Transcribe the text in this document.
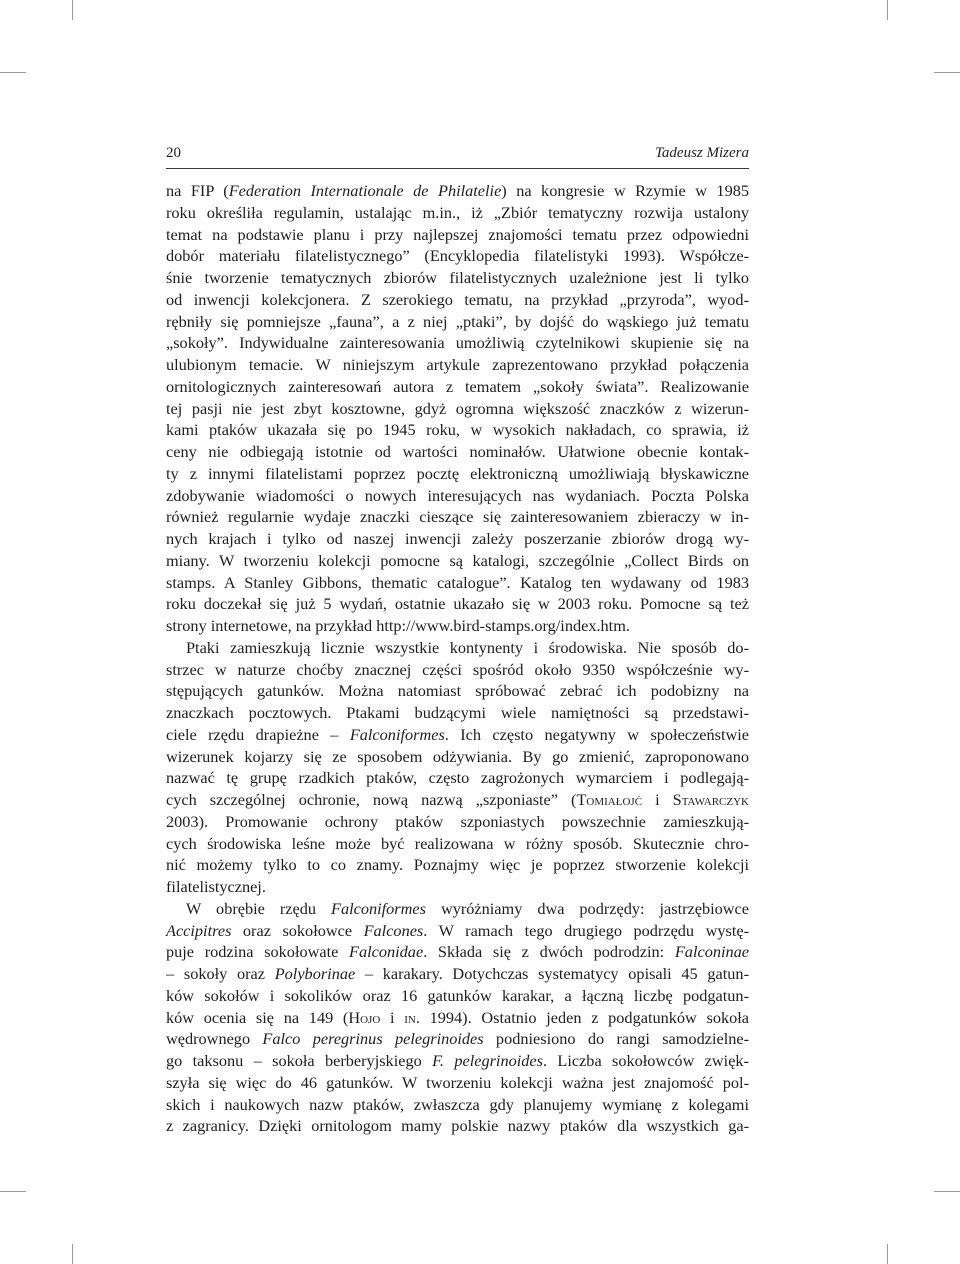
20	Tadeusz Mizera
na FIP (Federation Internationale de Philatelie) na kongresie w Rzymie w 1985
roku określiła regulamin, ustalając m.in., iż „Zbiór tematyczny rozwija ustalony
temat na podstawie planu i przy najlepszej znajomości tematu przez odpowiedni
dobór materiału filatelistycznego” (Encyklopedia filatelistyki 1993). Współcze-
śnie tworzenie tematycznych zbiorów filatelistycznych uzależnione jest li tylko
od inwencji kolekcjonera. Z szerokiego tematu, na przykład „przyroda”, wyod-
rębniły się pomniejsze „fauna”, a z niej „ptaki”, by dojść do wąskiego już tematu
„sokoły”. Indywidualne zainteresowania umożliwią czytelnikowi skupienie się na
ulubionym temacie. W niniejszym artykule zaprezentowano przykład połączenia
ornitologicznych zainteresowań autora z tematem „sokoły świata”. Realizowanie
tej pasji nie jest zbyt kosztowne, gdyż ogromna większość znaczków z wizerun-
kami ptaków ukazała się po 1945 roku, w wysokich nakładach, co sprawia, iż
ceny nie odbiegają istotnie od wartości nominałów. Ułatwione obecnie kontak-
ty z innymi filatelistami poprzez pocztę elektroniczną umożliwiają błyskawiczne
zdobywanie wiadomości o nowych interesujących nas wydaniach. Poczta Polska
również regularnie wydaje znaczki cieszące się zainteresowaniem zbieraczy w in-
nych krajach i tylko od naszej inwencji zależy poszerzanie zbiorów drogą wy-
miany. W tworzeniu kolekcji pomocne są katalogi, szczególnie „Collect Birds on
stamps. A Stanley Gibbons, thematic catalogue”. Katalog ten wydawany od 1983
roku doczekał się już 5 wydań, ostatnie ukazało się w 2003 roku. Pomocne są też
strony internetowe, na przykład http://www.bird-stamps.org/index.htm.
Ptaki zamieszkują licznie wszystkie kontynenty i środowiska. Nie sposób do-
strzec w naturze choćby znacznej części spośród około 9350 współcześnie wy-
stępujących gatunków. Można natomiast spróbować zebrać ich podobizny na
znaczkach pocztowych. Ptakami budzącymi wiele namiętności są przedstawi-
ciele rzędu drapieżne – Falconiformes. Ich często negatywny w społeczeństwie
wizerunek kojarzy się ze sposobem odżywiania. By go zmienić, zaproponowano
nazwać tę grupę rzadkich ptaków, często zagrożonych wymarciem i podlegają-
cych szczególnej ochronie, nową nazwą „szponiaste” (Tomiałojć i Stawarczyk
2003). Promowanie ochrony ptaków szponiastych powszechnie zamieszkują-
cych środowiska leśne może być realizowana w różny sposób. Skutecznie chro-
nić możemy tylko to co znamy. Poznajmy więc je poprzez stworzenie kolekcji
filatelistycznej.
W obrębie rzędu Falconiformes wyróżniamy dwa podrzędy: jastrzębiowce
Accipitres oraz sokołowce Falcones. W ramach tego drugiego podrzędu wystę-
puje rodzina sokołowate Falconidae. Składa się z dwóch podrodzin: Falconinae
– sokoły oraz Polyborinae – karakary. Dotychczas systematycy opisali 45 gatun-
ków sokołów i sokolików oraz 16 gatunków karakar, a łączną liczbę podgatun-
ków ocenia się na 149 (Hojo i in. 1994). Ostatnio jeden z podgatunków sokoła
wędrownego Falco peregrinus pelegrinoides podniesiono do rangi samodzielne-
go taksonu – sokoła berberyjskiego F. pelegrinoides. Liczba sokołowców zwięk-
szyła się więc do 46 gatunków. W tworzeniu kolekcji ważna jest znajomość pol-
skich i naukowych nazw ptaków, zwłaszcza gdy planujemy wymianę z kolegami
z zagranicy. Dzięki ornitologom mamy polskie nazwy ptaków dla wszystkich ga-
